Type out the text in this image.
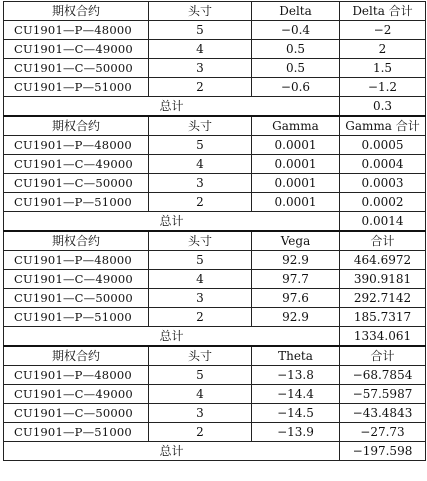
期权合约	头寸	Delta	Delta 合计
CU1901—P—48000	5	−0.4	−2
CU1901—C—49000	4	0.5	2
CU1901—C—50000	3	0.5	1.5
CU1901—P—51000	2	−0.6	−1.2
总计			0.3
期权合约	头寸	Gamma	Gamma 合计
CU1901—P—48000	5	0.0001	0.0005
CU1901—C—49000	4	0.0001	0.0004
CU1901—C—50000	3	0.0001	0.0003
CU1901—P—51000	2	0.0001	0.0002
总计			0.0014
期权合约	头寸	Vega	合计
CU1901—P—48000	5	92.9	464.6972
CU1901—C—49000	4	97.7	390.9181
CU1901—C—50000	3	97.6	292.7142
CU1901—P—51000	2	92.9	185.7317
总计			1334.061
期权合约	头寸	Theta	合计
CU1901—P—48000	5	−13.8	−68.7854
CU1901—C—49000	4	−14.4	−57.5987
CU1901—C—50000	3	−14.5	−43.4843
CU1901—P—51000	2	−13.9	−27.73
总计			−197.598
